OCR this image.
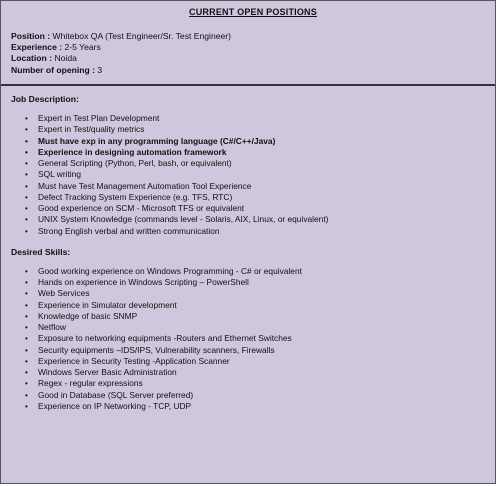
CURRENT OPEN POSITIONS
Position : Whitebox QA (Test Engineer/Sr. Test Engineer)
Experience : 2-5 Years
Location : Noida
Number of opening : 3
Job Description:
• Expert in Test Plan Development
• Expert in Test/quality metrics
• Must have exp in any programming language (C#/C++/Java)
• Experience in designing automation framework
• General Scripting (Python, Perl, bash, or equivalent)
• SQL writing
• Must have Test Management Automation Tool Experience
• Defect Tracking System Experience (e.g. TFS, RTC)
• Good experience on SCM - Microsoft TFS or equivalent
• UNIX System Knowledge (commands level - Solaris, AIX, Linux, or equivalent)
• Strong English verbal and written communication
Desired Skills:
• Good working experience on Windows Programming - C# or equivalent
• Hands on experience in Windows Scripting – PowerShell
• Web Services
• Experience in Simulator development
• Knowledge of basic SNMP
• Netflow
• Exposure to networking equipments -Routers and Ethernet Switches
• Security equipments –IDS/IPS, Vulnerability scanners, Firewalls
• Experience in Security Testing -Application Scanner
• Windows Server Basic Administration
• Regex - regular expressions
• Good in Database (SQL Server preferred)
• Experience on IP Networking - TCP, UDP
